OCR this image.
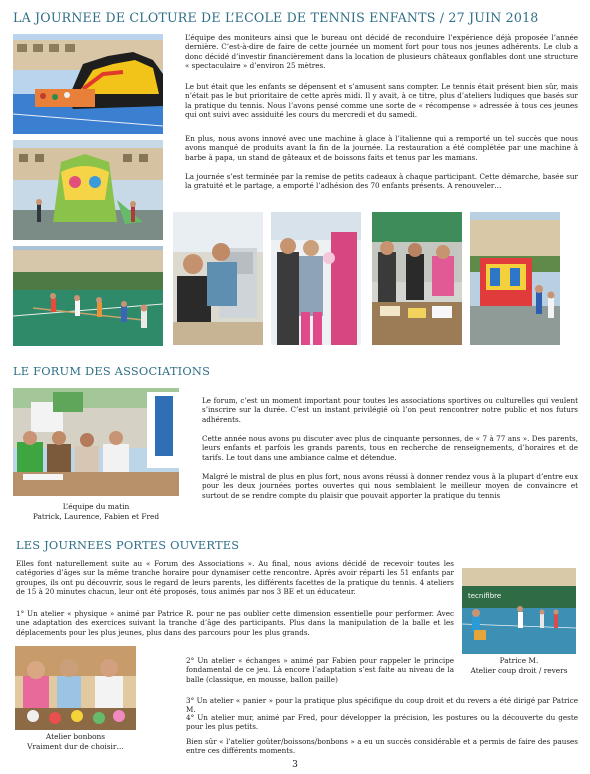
LA JOURNEE DE CLOTURE DE L’ECOLE DE TENNIS ENFANTS / 27 JUIN 2018

L’équipe des moniteurs ainsi que le bureau ont décidé de reconduire l’expérience déjà proposée l’année dernière. C’est-à-dire de faire de cette journée un moment fort pour tous nos jeunes adhérents. Le club a donc décidé d’investir financièrement dans la location de plusieurs châteaux gonflables dont une structure « spectaculaire » d’environ 25 mètres.

Le but était que les enfants se dépensent et s’amusent sans compter. Le tennis était présent bien sûr, mais n’était pas le but prioritaire de cette après midi. Il y avait, à ce titre, plus d’ateliers ludiques que basés sur la pratique du tennis. Nous l’avons pensé comme une sorte de « récompense » adressée à tous ces jeunes qui ont suivi avec assiduité les cours du mercredi et du samedi.

En plus, nous avons innové avec une machine à glace à l’italienne qui a remporté un tel succès que nous avons manqué de produits avant la fin de la journée. La restauration a été complétée par une machine à barbe à papa, un stand de gâteaux et de boissons faits et tenus par les mamans.

La journée s’est terminée par la remise de petits cadeaux à chaque participant. Cette démarche, basée sur la gratuité et le partage, a emporté l’adhésion des 70 enfants présents. A renouveler…

LE FORUM DES ASSOCIATIONS

L’équipe du matin

Patrick, Laurence, Fabien et Fred

Le forum, c’est un moment important pour toutes les associations sportives ou culturelles qui veulent s’inscrire sur la durée. C’est un instant privilégié où l’on peut rencontrer notre public et nos futurs adhérents.

Cette année nous avons pu discuter avec plus de cinquante personnes, de « 7 à 77 ans ». Des parents, leurs enfants et parfois les grands parents, tous en recherche de renseignements, d’horaires et de tarifs. Le tout dans une ambiance calme et détendue.

Malgré le mistral de plus en plus fort, nous avons réussi à donner rendez vous à la plupart d’entre eux pour les deux journées portes ouvertes qui nous semblaient le meilleur moyen de convaincre et surtout de se rendre compte du plaisir que pouvait apporter la pratique du tennis

LES JOURNEES PORTES OUVERTES

Elles font naturellement suite au « Forum des Associations ». Au final, nous avions décidé de recevoir toutes les catégories d’âges sur la même tranche horaire pour dynamiser cette rencontre. Après avoir réparti les 51 enfants par groupes, ils ont pu découvrir, sous le regard de leurs parents, les différents facettes de la pratique du tennis. 4 ateliers de 15 à 20 minutes chacun, leur ont été proposés, tous animés par nos 3 BE et un éducateur.	tecnifibre

Patrice M.

Atelier coup droit / revers

1° Un atelier « physique » animé par Patrice R. pour ne pas oublier cette dimension essentielle pour performer. Avec une adaptation des exercices suivant la tranche d’âge des participants. Plus dans la manipulation de la balle et les déplacements pour les plus jeunes, plus dans des parcours pour les plus grands.

Atelier bonbons

Vraiment dur de choisir…

2° Un atelier « échanges » animé par Fabien pour rappeler le principe fondamental de ce jeu. Là encore l’adaptation s’est faite au niveau de la balle (classique, en mousse, ballon paille)

3° Un atelier « panier » pour la pratique plus spécifique du coup droit et du revers a été dirigé par Patrice M.

4° Un atelier mur, animé par Fred, pour développer la précision, les postures ou la découverte du geste pour les plus petits.

Bien sûr « l’atelier goûter/boissons/bonbons » a eu un succès considérable et a permis de faire des pauses entre ces différents moments.

3
